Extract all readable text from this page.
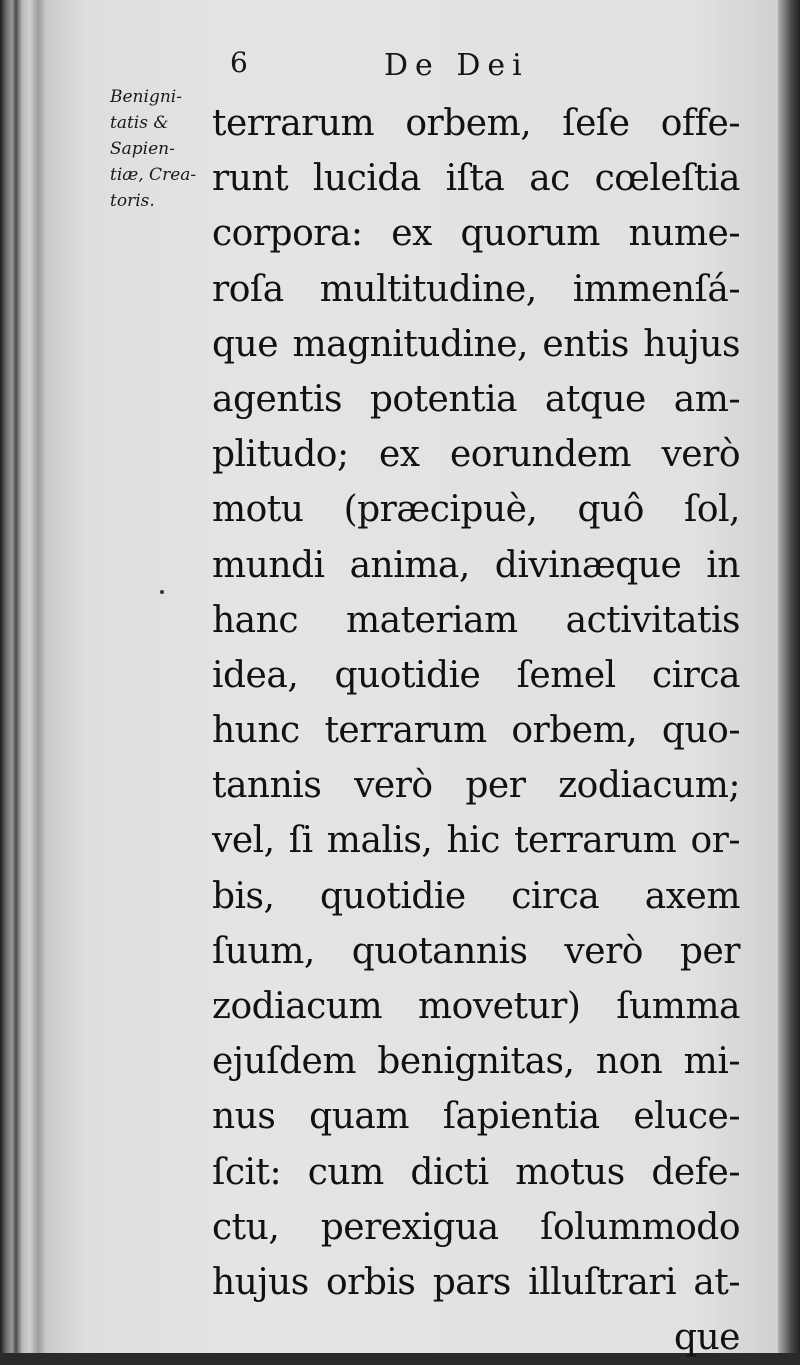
6	De Dei
Benigni-
tatis &
Sapien-
tiæ, Crea-
toris.
terrarum orbem, ſeſe offe-
runt lucida iſta ac cœleſtia
corpora: ex quorum nume-
roſa multitudine, immenſá-
que magnitudine, entis hujus
agentis potentia atque am-
plitudo; ex eorundem verò
motu (præcipuè, quô ſol,
mundi anima, divinæque in
hanc materiam activitatis
idea, quotidie ſemel circa
hunc terrarum orbem, quo-
tannis verò per zodiacum;
vel, ſi malis, hic terrarum or-
bis, quotidie circa axem
ſuum, quotannis verò per
zodiacum movetur) ſumma
ejuſdem benignitas, non mi-
nus quam ſapientia eluce-
ſcit: cum dicti motus defe-
ctu, perexigua ſolummodo
hujus orbis pars illuſtrari at-
que
